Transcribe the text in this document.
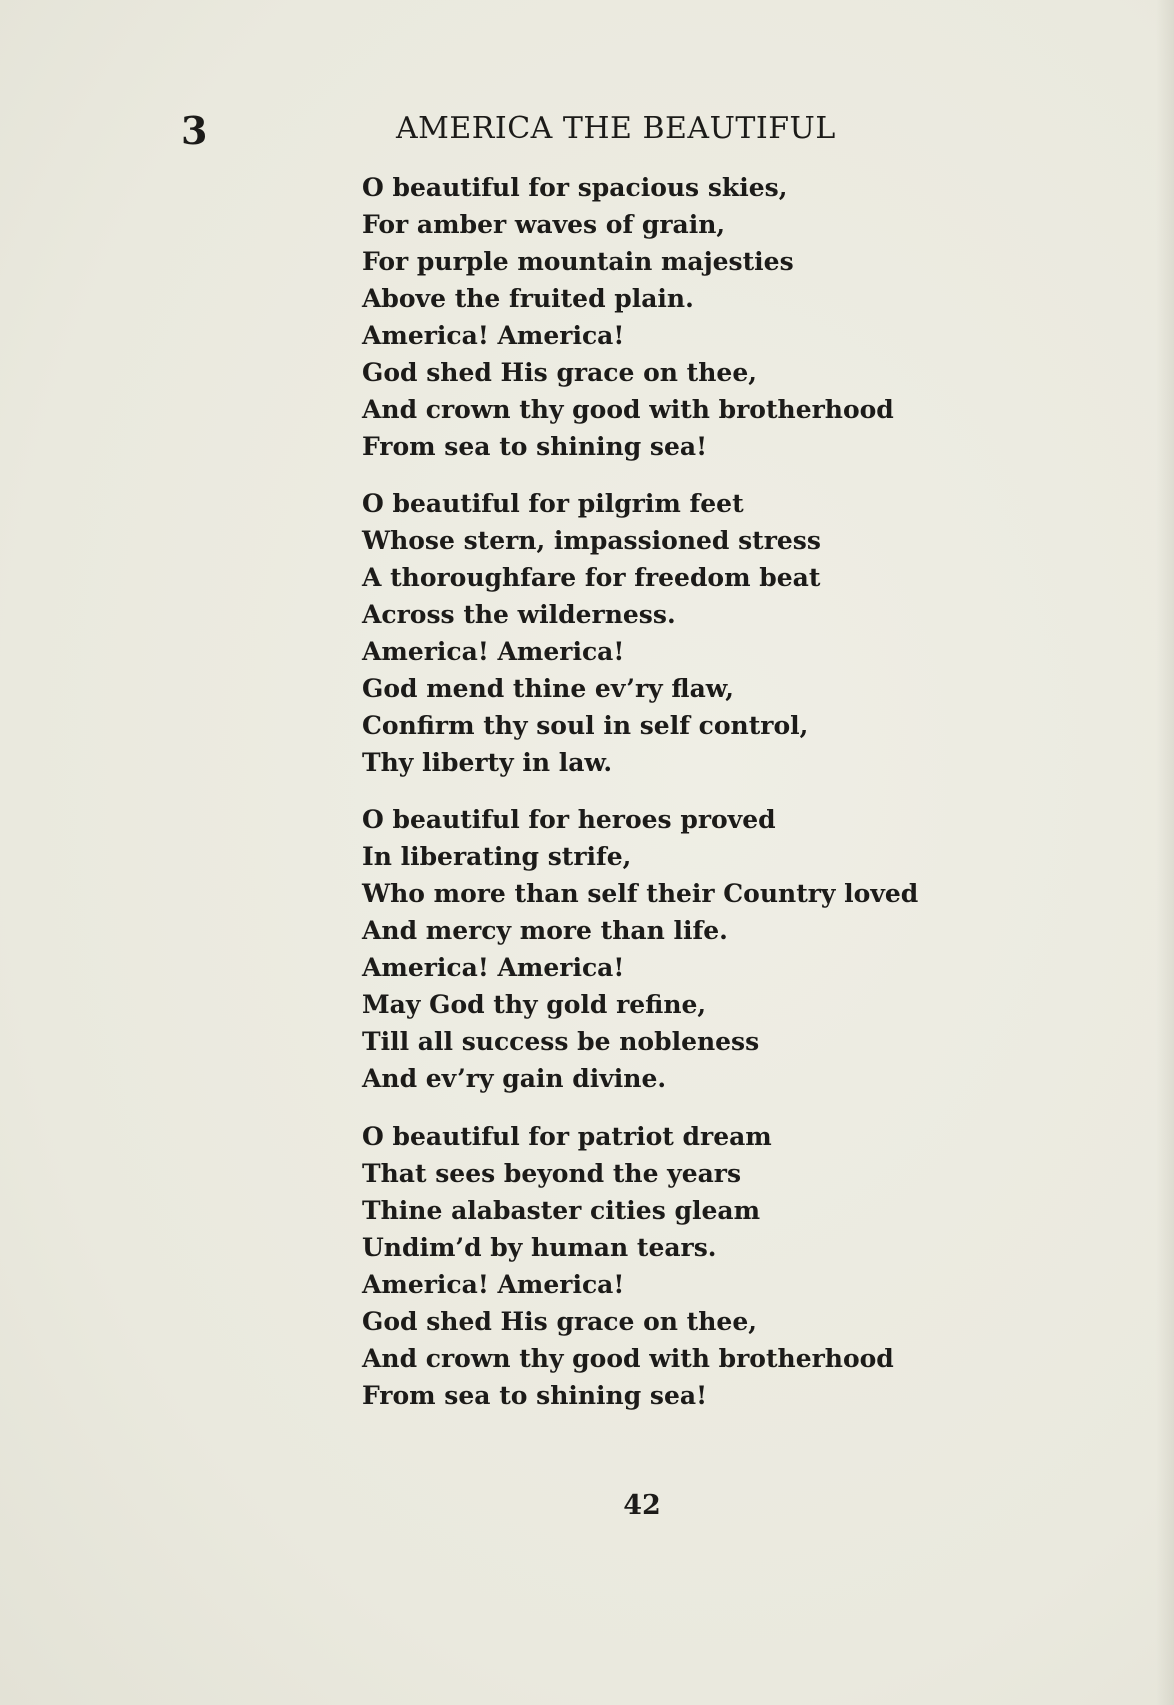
3	AMERICA THE BEAUTIFUL
O beautiful for spacious skies,
For amber waves of grain,
For purple mountain majesties
Above the fruited plain.
America! America!
God shed His grace on thee,
And crown thy good with brotherhood
From sea to shining sea!
O beautiful for pilgrim feet
Whose stern, impassioned stress
A thoroughfare for freedom beat
Across the wilderness.
America! America!
God mend thine ev’ry flaw,
Confirm thy soul in self control,
Thy liberty in law.
O beautiful for heroes proved
In liberating strife,
Who more than self their Country loved
And mercy more than life.
America! America!
May God thy gold refine,
Till all success be nobleness
And ev’ry gain divine.
O beautiful for patriot dream
That sees beyond the years
Thine alabaster cities gleam
Undim’d by human tears.
America! America!
God shed His grace on thee,
And crown thy good with brotherhood
From sea to shining sea!
42
